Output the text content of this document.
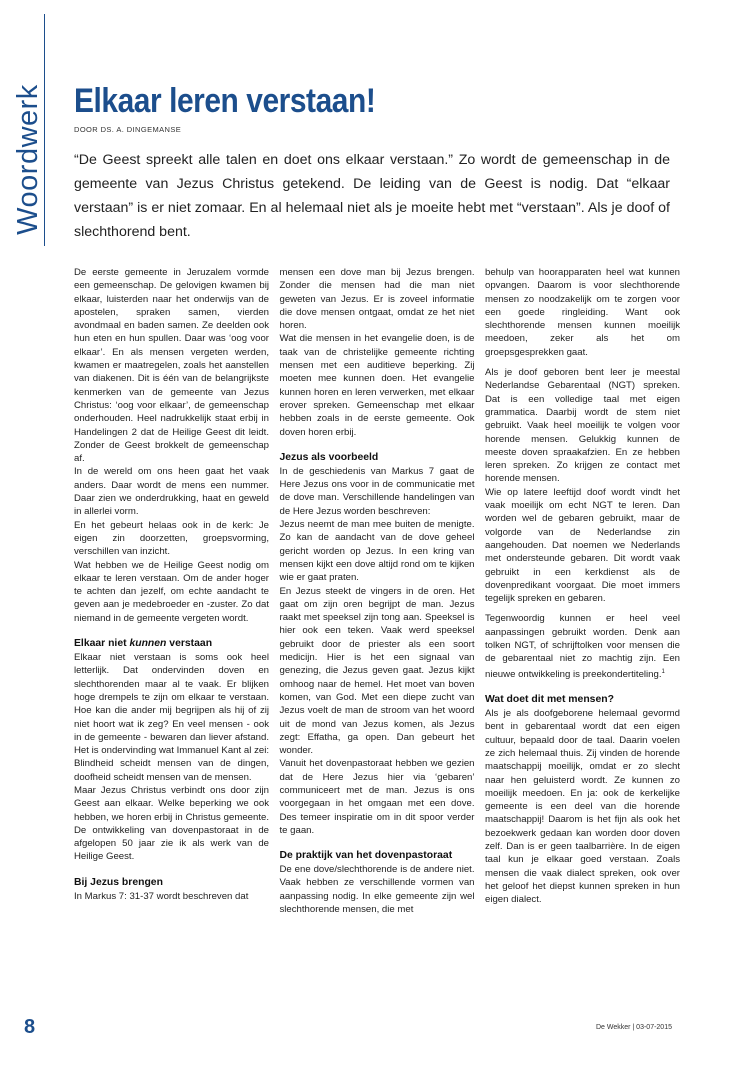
Woordwerk Elkaar leren verstaan!
DOOR DS. A. DINGEMANSE

“De Geest spreekt alle talen en doet ons elkaar verstaan.” Zo wordt de gemeenschap in de gemeente van Jezus Christus getekend. De leiding van de Geest is nodig. Dat “elkaar verstaan” is er niet zomaar. En al helemaal niet als je moeite hebt met “verstaan”. Als je doof of slechthorend bent.

De eerste gemeente in Jeruzalem vormde een gemeenschap. De gelovigen kwamen bij elkaar, luisterden naar het onderwijs van de apostelen, spraken samen, vierden avondmaal en baden samen. Ze deelden ook hun eten en hun spullen. Daar was ‘oog voor elkaar’. En als mensen vergeten werden, kwamen er maatregelen, zoals het aanstellen van diakenen. Dit is één van de belangrijkste kenmerken van de gemeente van Jezus Christus: ‘oog voor elkaar’, de gemeenschap onderhouden. Heel nadrukkelijk staat erbij in Handelingen 2 dat de Heilige Geest dit leidt. Zonder de Geest brokkelt de gemeenschap af.

In de wereld om ons heen gaat het vaak anders. Daar wordt de mens een nummer. Daar zien we onderdrukking, haat en geweld in allerlei vorm.

En het gebeurt helaas ook in de kerk: Je eigen zin doorzetten, groepsvorming, verschillen van inzicht.

Wat hebben we de Heilige Geest nodig om elkaar te leren verstaan. Om de ander hoger te achten dan jezelf, om echte aandacht te geven aan je medebroeder en -zuster. Zo dat niemand in de gemeente vergeten wordt.

Elkaar niet kunnen verstaan

Elkaar niet verstaan is soms ook heel letterlijk. Dat ondervinden doven en slechthorenden maar al te vaak. Er blijken hoge drempels te zijn om elkaar te verstaan. Hoe kan die ander mij begrijpen als hij of zij niet hoort wat ik zeg? En veel mensen - ook in de gemeente - bewaren dan liever afstand. Het is ondervinding wat Immanuel Kant al zei: Blindheid scheidt mensen van de dingen, doofheid scheidt mensen van de mensen.

Maar Jezus Christus verbindt ons door zijn Geest aan elkaar. Welke beperking we ook hebben, we horen erbij in Christus gemeente. De ontwikkeling van dovenpastoraat in de afgelopen 50 jaar zie ik als werk van de Heilige Geest.

Bij Jezus brengen

In Markus 7: 31-37 wordt beschreven dat

mensen een dove man bij Jezus brengen. Zonder die mensen had die man niet geweten van Jezus. Er is zoveel informatie die dove mensen ontgaat, omdat ze het niet horen.

Wat die mensen in het evangelie doen, is de taak van de christelijke gemeente richting mensen met een auditieve beperking. Zij moeten mee kunnen doen. Het evangelie kunnen horen en leren verwerken, met elkaar erover spreken. Gemeenschap met elkaar hebben zoals in de eerste gemeente. Ook doven horen erbij.

Jezus als voorbeeld

In de geschiedenis van Markus 7 gaat de Here Jezus ons voor in de communicatie met de dove man. Verschillende handelingen van de Here Jezus worden beschreven:

Jezus neemt de man mee buiten de menigte. Zo kan de aandacht van de dove geheel gericht worden op Jezus. In een kring van mensen kijkt een dove altijd rond om te kijken wie er gaat praten.

En Jezus steekt de vingers in de oren. Het gaat om zijn oren begrijpt de man. Jezus raakt met speeksel zijn tong aan. Speeksel is hier ook een teken. Vaak werd speeksel gebruikt door de priester als een soort medicijn. Hier is het een signaal van genezing, die Jezus geven gaat. Jezus kijkt omhoog naar de hemel. Het moet van boven komen, van God. Met een diepe zucht van Jezus voelt de man de stroom van het woord uit de mond van Jezus komen, als Jezus zegt: Effatha, ga open. Dan gebeurt het wonder.

Vanuit het dovenpastoraat hebben we gezien dat de Here Jezus hier via ‘gebaren’ communiceert met de man. Jezus is ons voorgegaan in het omgaan met een dove. Des temeer inspiratie om in dit spoor verder te gaan.

De praktijk van het dovenpastoraat

De ene dove/slechthorende is de andere niet. Vaak hebben ze verschillende vormen van aanpassing nodig. In elke gemeente zijn wel slechthorende mensen, die met

behulp van hoorapparaten heel wat kunnen opvangen. Daarom is voor slechthorende mensen zo noodzakelijk om te zorgen voor een goede ringleiding. Want ook slechthorende mensen kunnen moeilijk meedoen, zeker als het om groepsgesprekken gaat.

Als je doof geboren bent leer je meestal Nederlandse Gebarentaal (NGT) spreken. Dat is een volledige taal met eigen grammatica. Daarbij wordt de stem niet gebruikt. Vaak heel moeilijk te volgen voor horende mensen. Gelukkig kunnen de meeste doven spraakafzien. En ze hebben leren spreken. Zo krijgen ze contact met horende mensen.

Wie op latere leeftijd doof wordt vindt het vaak moeilijk om echt NGT te leren. Dan worden wel de gebaren gebruikt, maar de volgorde van de Nederlandse zin aangehouden. Dat noemen we Nederlands met ondersteunde gebaren. Dit wordt vaak gebruikt in een kerkdienst als de dovenpredikant voorgaat. Die moet immers tegelijk spreken en gebaren.

Tegenwoordig kunnen er heel veel aanpassingen gebruikt worden. Denk aan tolken NGT, of schrijftolken voor mensen die de gebarentaal niet zo machtig zijn. Een nieuwe ontwikkeling is preekondertiteling.$^1$

Wat doet dit met mensen?

Als je als doofgeborene helemaal gevormd bent in gebarentaal wordt dat een eigen cultuur, bepaald door de taal. Daarin voelen ze zich helemaal thuis. Zij vinden de horende maatschappij moeilijk, omdat er zo slecht naar hen geluisterd wordt. Ze kunnen zo moeilijk meedoen. En ja: ook de kerkelijke gemeente is een deel van die horende maatschappij! Daarom is het fijn als ook het bezoekwerk gedaan kan worden door doven zelf. Dan is er geen taalbarrière. In de eigen taal kun je elkaar goed verstaan. Zoals mensen die vaak dialect spreken, ook over het geloof het diepst kunnen spreken in hun eigen dialect.

8	De Wekker | 03-07-2015
